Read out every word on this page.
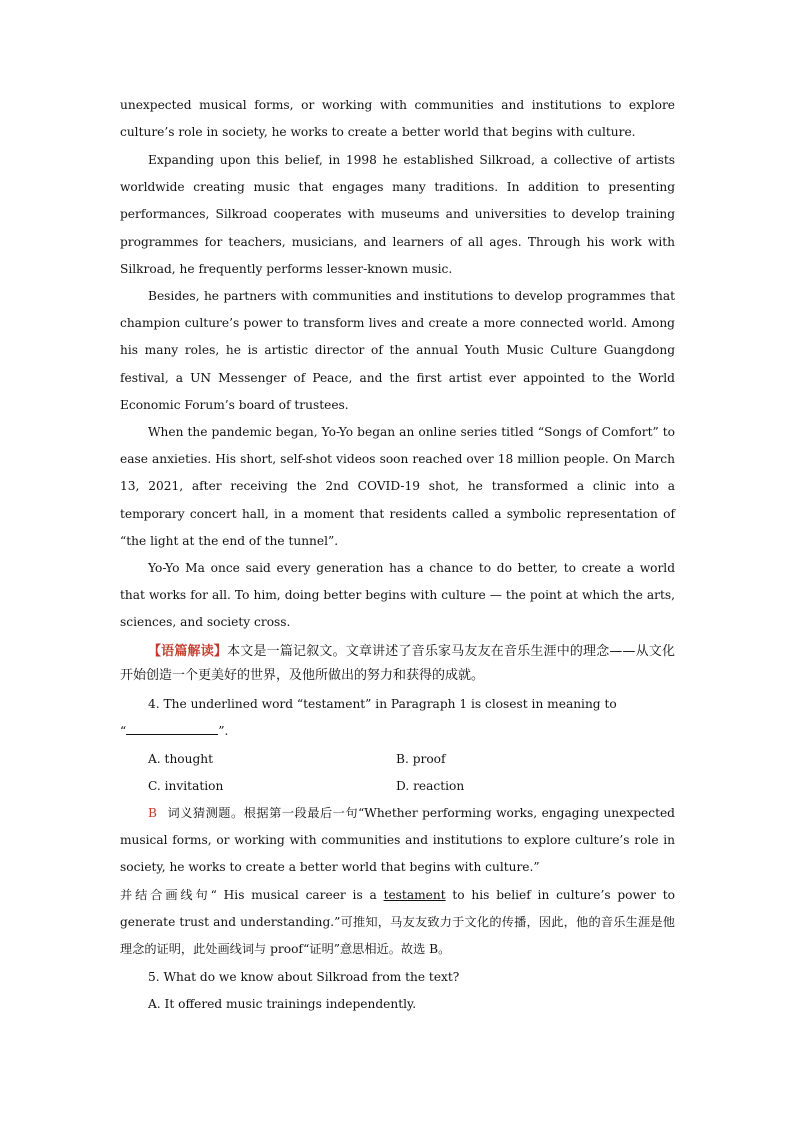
unexpected musical forms, or working with communities and institutions to explore culture’s role in society, he works to create a better world that begins with culture.

Expanding upon this belief, in 1998 he established Silkroad, a collective of artists worldwide creating music that engages many traditions. In addition to presenting performances, Silkroad cooperates with museums and universities to develop training programmes for teachers, musicians, and learners of all ages. Through his work with Silkroad, he frequently performs lesser-known music.

Besides, he partners with communities and institutions to develop programmes that champion culture’s power to transform lives and create a more connected world. Among his many roles, he is artistic director of the annual Youth Music Culture Guangdong festival, a UN Messenger of Peace, and the first artist ever appointed to the World Economic Forum’s board of trustees.

When the pandemic began, Yo-Yo began an online series titled “Songs of Comfort” to ease anxieties. His short, self-shot videos soon reached over 18 million people. On March 13, 2021, after receiving the 2nd COVID-19 shot, he transformed a clinic into a temporary concert hall, in a moment that residents called a symbolic representation of “the light at the end of the tunnel”.

Yo-Yo Ma once said every generation has a chance to do better, to create a world that works for all. To him, doing better begins with culture — the point at which the arts, sciences, and society cross.

【语篇解读】本文是一篇记叙文。文章讲述了音乐家马友友在音乐生涯中的理念——从文化开始创造一个更美好的世界，及他所做出的努力和获得的成就。

4. The underlined word “testament” in Paragraph 1 is closest in meaning to

“	”.

A. thought	B. proof

C. invitation	D. reaction

B 词义猜测题。根据第一段最后一句“Whether performing works, engaging unexpected musical forms, or working with communities and institutions to explore culture’s role in society, he works to create a better world that begins with culture.”

并结合画线句“ His musical career is a testament to his belief in culture’s power to generate trust and understanding.”可推知，马友友致力于文化的传播，因此，他的音乐生涯是他理念的证明，此处画线词与 proof“证明”意思相近。故选 B。

5. What do we know about Silkroad from the text?

A. It offered music trainings independently.
